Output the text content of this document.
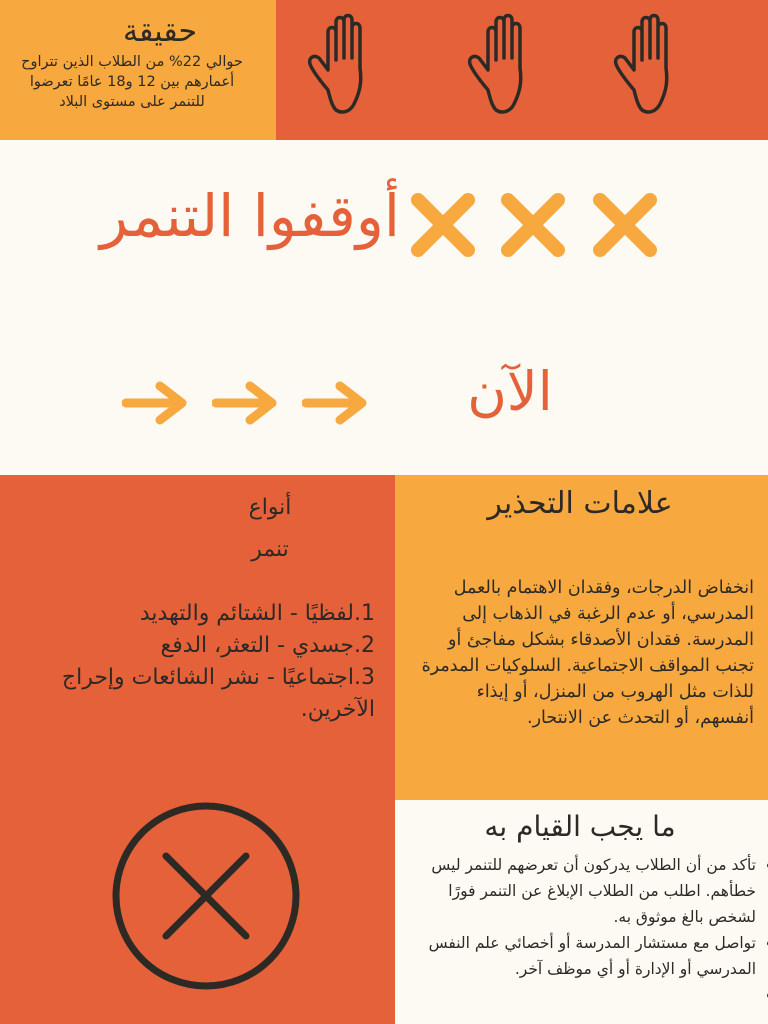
حقيقة
حوالي 22% من الطلاب الذين تتراوح أعمارهم بين 12 و18 عامًا تعرضوا للتنمر على مستوى البلاد
أوقفوا التنمر
الآن
أنواع
تنمر
1.لفظيًا - الشتائم والتهديد
2.جسدي - التعثر، الدفع
3.اجتماعيًا - نشر الشائعات وإحراج الآخرين.
علامات التحذير
انخفاض الدرجات، وفقدان الاهتمام بالعمل المدرسي، أو عدم الرغبة في الذهاب إلى المدرسة. فقدان الأصدقاء بشكل مفاجئ أو تجنب المواقف الاجتماعية. السلوكيات المدمرة للذات مثل الهروب من المنزل، أو إيذاء أنفسهم، أو التحدث عن الانتحار.
ما يجب القيام به
• تأكد من أن الطلاب يدركون أن تعرضهم للتنمر ليس خطأهم. اطلب من الطلاب الإبلاغ عن التنمر فورًا لشخص بالغ موثوق به.
• تواصل مع مستشار المدرسة أو أخصائي علم النفس المدرسي أو الإدارة أو أي موظف آخر.
•
